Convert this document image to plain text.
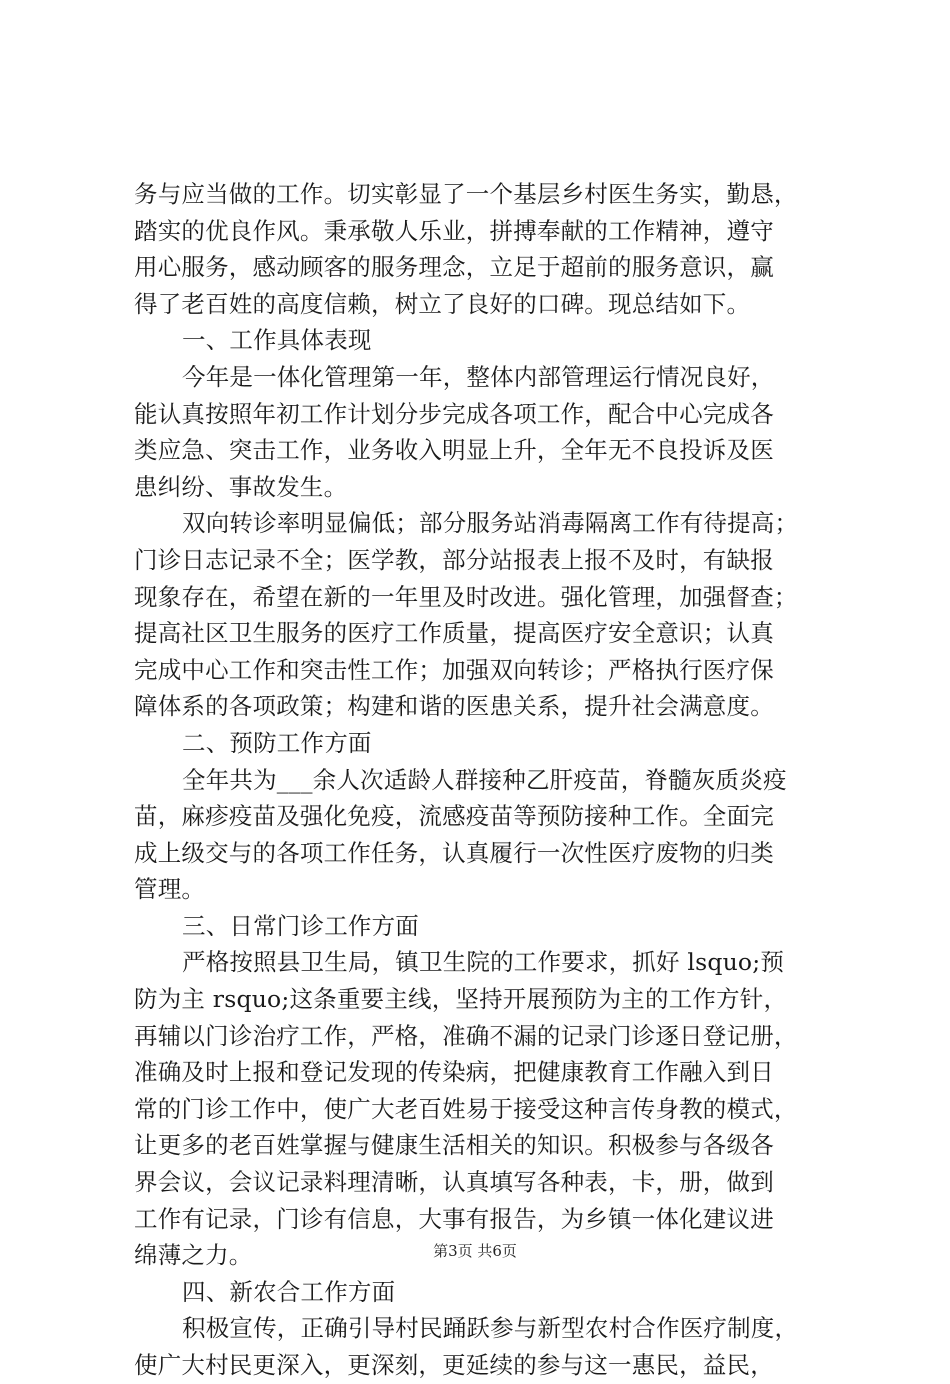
务与应当做的工作。切实彰显了一个基层乡村医生务实，勤恳，
踏实的优良作风。秉承敬人乐业，拼搏奉献的工作精神，遵守
用心服务，感动顾客的服务理念，立足于超前的服务意识，赢
得了老百姓的高度信赖，树立了良好的口碑。现总结如下。
一、工作具体表现
今年是一体化管理第一年，整体内部管理运行情况良好，
能认真按照年初工作计划分步完成各项工作，配合中心完成各
类应急、突击工作，业务收入明显上升，全年无不良投诉及医
患纠纷、事故发生。
双向转诊率明显偏低；部分服务站消毒隔离工作有待提高；
门诊日志记录不全；医学教，部分站报表上报不及时，有缺报
现象存在，希望在新的一年里及时改进。强化管理，加强督查；
提高社区卫生服务的医疗工作质量，提高医疗安全意识；认真
完成中心工作和突击性工作；加强双向转诊；严格执行医疗保
障体系的各项政策；构建和谐的医患关系，提升社会满意度。
二、预防工作方面
全年共为___余人次适龄人群接种乙肝疫苗，脊髓灰质炎疫
苗，麻疹疫苗及强化免疫，流感疫苗等预防接种工作。全面完
成上级交与的各项工作任务，认真履行一次性医疗废物的归类
管理。
三、日常门诊工作方面
严格按照县卫生局，镇卫生院的工作要求，抓好 lsquo;预
防为主 rsquo;这条重要主线，坚持开展预防为主的工作方针，
再辅以门诊治疗工作，严格，准确不漏的记录门诊逐日登记册，
准确及时上报和登记发现的传染病，把健康教育工作融入到日
常的门诊工作中，使广大老百姓易于接受这种言传身教的模式，
让更多的老百姓掌握与健康生活相关的知识。积极参与各级各
界会议，会议记录料理清晰，认真填写各种表，卡，册，做到
工作有记录，门诊有信息，大事有报告，为乡镇一体化建议进
绵薄之力。
四、新农合工作方面
积极宣传，正确引导村民踊跃参与新型农村合作医疗制度，
使广大村民更深入，更深刻，更延续的参与这一惠民，益民，
第3页 共6页
